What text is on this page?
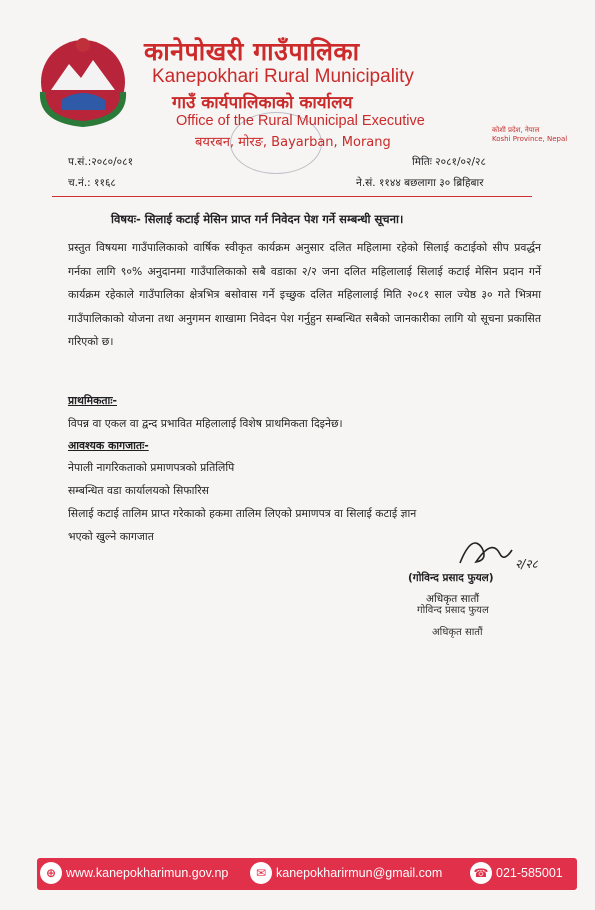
कानेपोखरी गाउँपालिका
Kanepokhari Rural Municipality
गाउँ कार्यपालिकाको कार्यालय
Office of the Rural Municipal Executive
बयरबन, मोरङ, Bayarban, Morang
कोशी प्रदेश, नेपाल
Koshi Province, Nepal
प.सं.:२०८०/०८१
च.नं.: ११६८
मितिः २०८१/०२/२८
ने.सं. ११४४ बछलागा ३० ब्रिहिबार
विषयः- सिलाई कटाई मेसिन प्राप्त गर्न निवेदन पेश गर्ने सम्बन्धी सूचना।
प्रस्तुत विषयमा गाउँपालिकाको वार्षिक स्वीकृत कार्यक्रम अनुसार दलित महिलामा रहेको सिलाई कटाईको सीप प्रवर्द्धन गर्नका लागि ९०% अनुदानमा गाउँपालिकाको सबै वडाका २/२ जना दलित महिलालाई सिलाई कटाई मेसिन प्रदान गर्ने कार्यक्रम रहेकाले गाउँपालिका क्षेत्रभित्र बसोवास गर्ने इच्छुक दलित महिलालाई मिति २०८१ साल ज्येष्ठ ३० गते भित्रमा गाउँपालिकाको योजना तथा अनुगमन शाखामा निवेदन पेश गर्नुहुन सम्बन्धित सबैको जानकारीका लागि यो सूचना प्रकासित गरिएको छ।
प्राथमिकताः-
विपन्न वा एकल वा द्वन्द प्रभावित महिलालाई विशेष प्राथमिकता दिइनेछ।
आवश्यक कागजातः-
नेपाली नागरिकताको प्रमाणपत्रको प्रतिलिपि
सम्बन्धित वडा कार्यालयको सिफारिस
सिलाई कटाई तालिम प्राप्त गरेकाको हकमा तालिम लिएको प्रमाणपत्र वा सिलाई कटाई ज्ञान
भएको खुल्ने कागजात
२/२८
(गोविन्द प्रसाद फुयल)
अधिकृत सातौं
गोविन्द प्रसाद फुयल
अधिकृत सातौं
⊕ www.kanepokharimun.gov.np	✉ kanepokharirmun@gmail.com	☎ 021-585001
